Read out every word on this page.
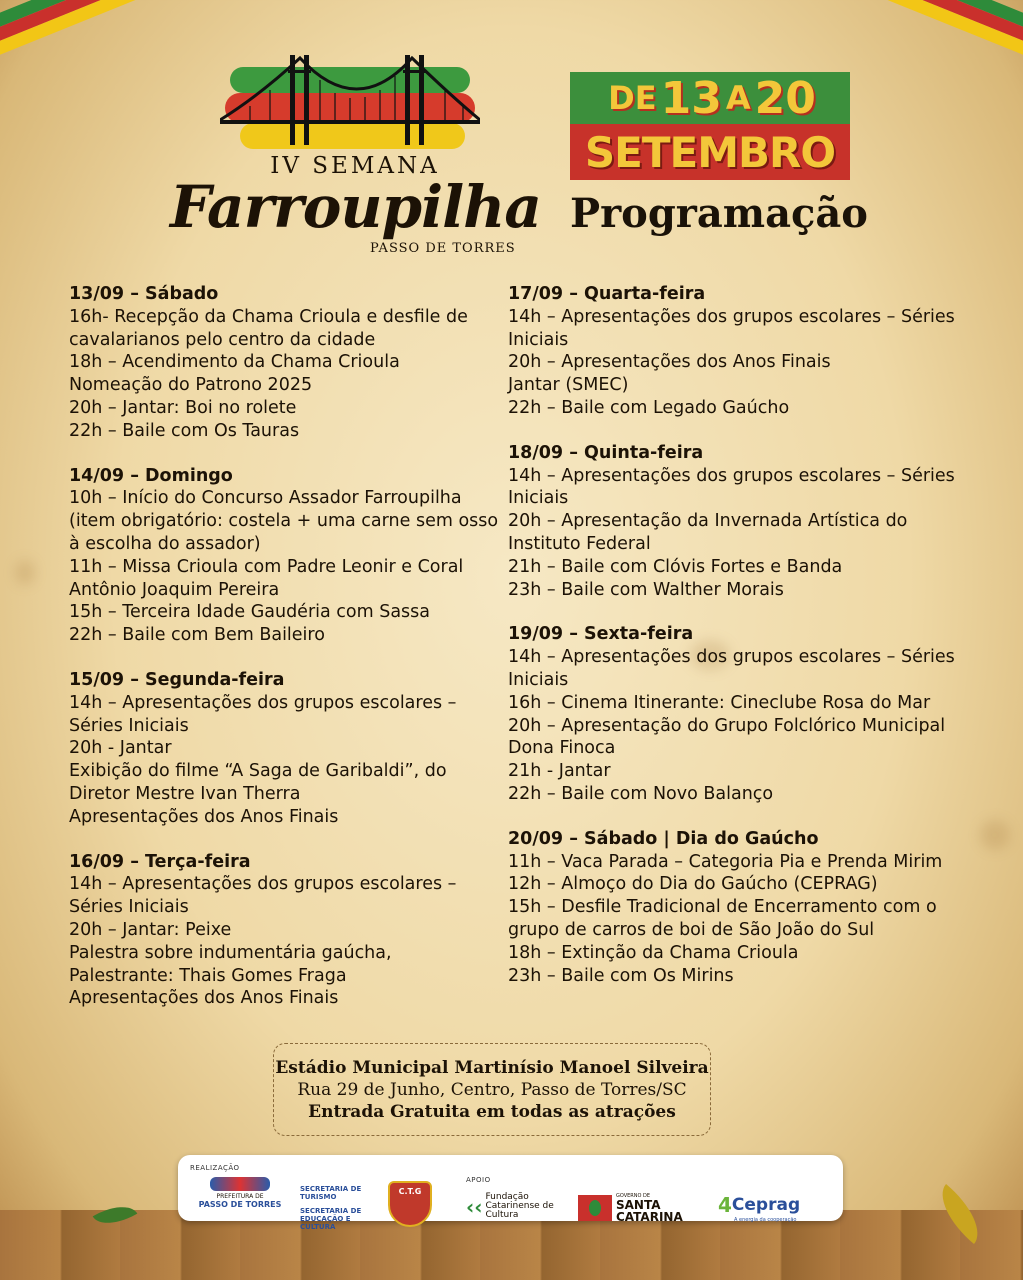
IV SEMANA
Farroupilha
PASSO DE TORRES
DE 13 A 20
SETEMBRO
Programação
13/09 – Sábado

16h- Recepção da Chama Crioula e desfile de cavalarianos pelo centro da cidade

18h – Acendimento da Chama Crioula

Nomeação do Patrono 2025

20h – Jantar: Boi no rolete

22h – Baile com Os Tauras

14/09 – Domingo

10h – Início do Concurso Assador Farroupilha (item obrigatório: costela + uma carne sem osso à escolha do assador)

11h – Missa Crioula com Padre Leonir e Coral Antônio Joaquim Pereira

15h – Terceira Idade Gaudéria com Sassa

22h – Baile com Bem Baileiro

15/09 – Segunda-feira

14h – Apresentações dos grupos escolares – Séries Iniciais

20h - Jantar

Exibição do filme “A Saga de Garibaldi”, do Diretor Mestre Ivan Therra

Apresentações dos Anos Finais

16/09 – Terça-feira

14h – Apresentações dos grupos escolares – Séries Iniciais

20h – Jantar: Peixe

Palestra sobre indumentária gaúcha,

Palestrante: Thais Gomes Fraga

Apresentações dos Anos Finais

17/09 – Quarta-feira

14h – Apresentações dos grupos escolares – Séries Iniciais

20h – Apresentações dos Anos Finais

Jantar (SMEC)

22h – Baile com Legado Gaúcho

18/09 – Quinta-feira

14h – Apresentações dos grupos escolares – Séries Iniciais

20h – Apresentação da Invernada Artística do Instituto Federal

21h – Baile com Clóvis Fortes e Banda

23h – Baile com Walther Morais

19/09 – Sexta-feira

14h – Apresentações dos grupos escolares – Séries Iniciais

16h – Cinema Itinerante: Cineclube Rosa do Mar

20h – Apresentação do Grupo Folclórico Municipal Dona Finoca

21h - Jantar

22h – Baile com Novo Balanço

20/09 – Sábado | Dia do Gaúcho

11h – Vaca Parada – Categoria Pia e Prenda Mirim

12h – Almoço do Dia do Gaúcho (CEPRAG)

15h – Desfile Tradicional de Encerramento com o grupo de carros de boi de São João do Sul

18h – Extinção da Chama Crioula

23h – Baile com Os Mirins

Estádio Municipal Martinísio Manoel Silveira
Rua 29 de Junho, Centro, Passo de Torres/SC
Entrada Gratuita em todas as atrações
REALIZAÇÃO
PREFEITURA DE
PASSO DE TORRES
SECRETARIA DE TURISMO
SECRETARIA DE EDUCAÇÃO E CULTURA
C.T.G
APOIO
‹‹ Fundação Catarinense de Cultura
GOVERNO DE
SANTA CATARINA	4 Ceprag
A energia da cooperação
